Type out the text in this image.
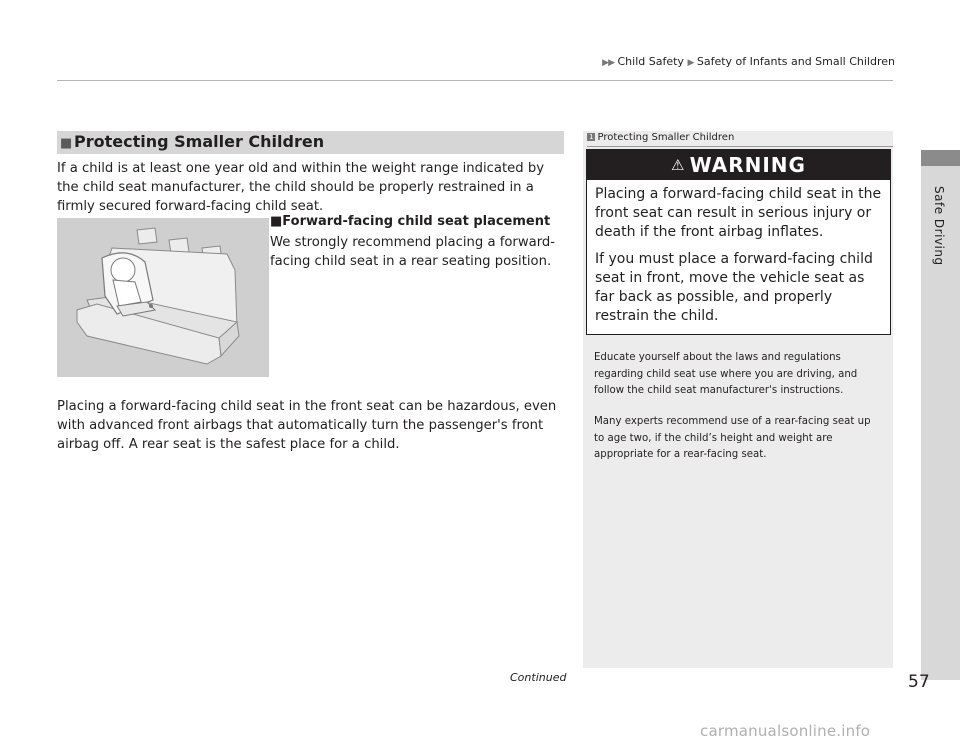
▶▶ Child Safety ▶ Safety of Infants and Small Children
Safe Driving
■ Protecting Smaller Children
If a child is at least one year old and within the weight range indicated by the child seat manufacturer, the child should be properly restrained in a firmly secured forward-facing child seat.
■Forward-facing child seat placement
We strongly recommend placing a forward-facing child seat in a rear seating position.
Placing a forward-facing child seat in the front seat can be hazardous, even with advanced front airbags that automatically turn the passenger's front airbag off. A rear seat is the safest place for a child.
Continued
1 Protecting Smaller Children
⚠ WARNING
Placing a forward-facing child seat in the front seat can result in serious injury or death if the front airbag inflates.
If you must place a forward-facing child seat in front, move the vehicle seat as far back as possible, and properly restrain the child.
Educate yourself about the laws and regulations regarding child seat use where you are driving, and follow the child seat manufacturer's instructions.
Many experts recommend use of a rear-facing seat up to age two, if the child’s height and weight are appropriate for a rear-facing seat.
57
carmanualsonline.info
